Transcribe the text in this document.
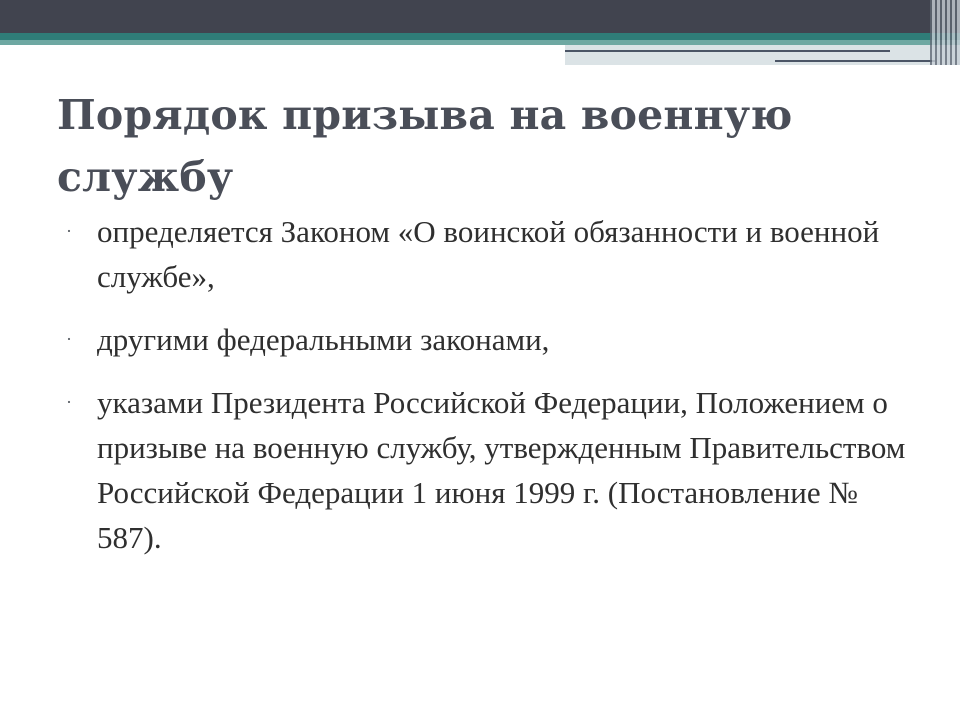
Порядок призыва на военную службу
· определяется Законом «О воинской обязанности и военной службе»,
· другими федеральными законами,
· указами Президента Российской Федерации, Положением о призыве на военную службу, утвержденным Правительством Российской Федерации 1 июня 1999 г. (Постановление № 587).
